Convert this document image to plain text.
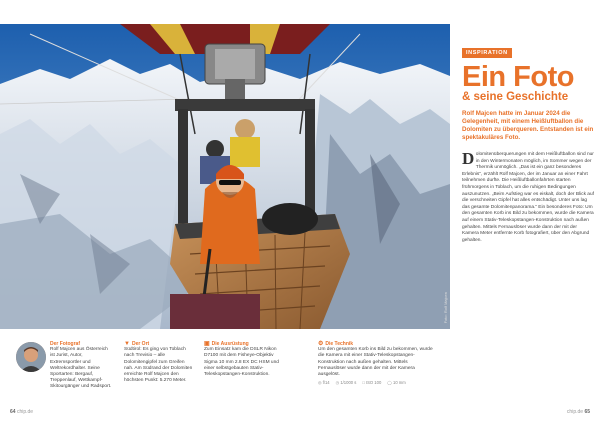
Foto: Rolf Majcen
INSPIRATION
Ein Foto
& seine Geschichte
Rolf Majcen hatte im Januar 2024 die Gelegenheit, mit einem Heißluftballon die Dolomiten zu überqueren. Entstanden ist ein spektakuläres Foto.
D olomitenüberquerungen mit dem Heißluftballon sind nur in den Wintermonaten möglich, im Sommer wegen der Thermik unmöglich. „Das ist ein ganz besonderes Erlebnis“, erzählt Rolf Majcen, der im Januar an einer Fahrt teilnehmen durfte. Die Heißluftballonfahrten starten frühmorgens in Toblach, um die ruhigen Bedingungen auszunutzen. „Beim Aufstieg war es eiskalt, doch der Blick auf die verschneiten Gipfel hat alles entschädigt. Unter uns lag das gesamte Dolomitenpanorama.“ Ein besonderes Foto: Um den gesamten Korb ins Bild zu bekommen, wurde die Kamera auf einem Stativ-Teleskopstangen-Konstruktion nach außen gehalten. Mittels Fernauslöser wurde dann der mit der Kamera Meter entfernte Korb fotografiert, über den Abgrund gehalten.
Der Fotograf
Rolf Majcen aus Österreich ist Jurist, Autor, Extremsportler und Weltrekordhalter. Seine Sportarten: Bergauf, Treppenlauf, Wettkampf-Skitourgänger und Radsport.
▼ Der Ort
Südtirol: Es ging von Toblach nach Trevisio – alle Dolomitengipfel zum Greifen nah. Am Südrand der Dolomiten erreichte Rolf Majcen den höchsten Punkt: 5.270 Meter.
▣ Die Ausrüstung
Zum Einsatz kam die DSLR Nikon D7100 mit dem Fisheye-Objektiv Sigma 10 mm 2.8 EX DC HSM und einer selbstgebauten Stativ-Teleskopstangen-Konstruktion.
⚙ Die Technik
Um den gesamten Korb ins Bild zu bekommen, wurde die Kamera mit einer Stativ-Teleskopstangen-Konstruktion nach außen gehalten. Mittels Fernauslöser wurde dann der mit der Kamera ausgelöst.
◎ f/14 ◷ 1/1000 s □ ISO 100 ◯ 10 mm
64 chip.de	chip.de 65
